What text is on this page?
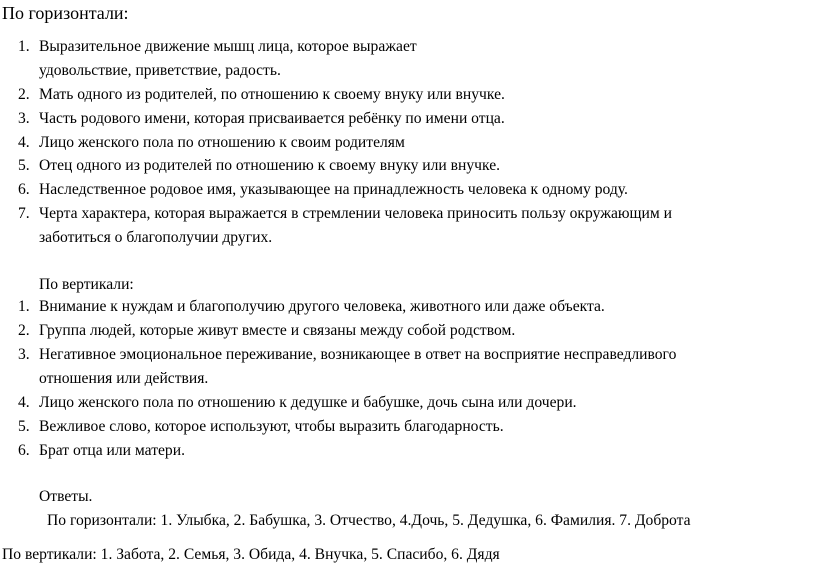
По горизонтали:
1. Выразительное движение мышц лица, которое выражает
удовольствие, приветствие, радость.
2. Мать одного из родителей, по отношению к своему внуку или внучке.
3. Часть родового имени, которая присваивается ребёнку по имени отца.
4. Лицо женского пола по отношению к своим родителям
5. Отец одного из родителей по отношению к своему внуку или внучке.
6. Наследственное родовое имя, указывающее на принадлежность человека к одному роду.
7. Черта характера, которая выражается в стремлении человека приносить пользу окружающим и
заботиться о благополучии других.
По вертикали:
1. Внимание к нуждам и благополучию другого человека, животного или даже объекта.
2. Группа людей, которые живут вместе и связаны между собой родством.
3. Негативное эмоциональное переживание, возникающее в ответ на восприятие несправедливого
отношения или действия.
4. Лицо женского пола по отношению к дедушке и бабушке, дочь сына или дочери.
5. Вежливое слово, которое используют, чтобы выразить благодарность.
6. Брат отца или матери.
Ответы.
По горизонтали: 1. Улыбка, 2. Бабушка, 3. Отчество, 4.Дочь, 5. Дедушка, 6. Фамилия. 7. Доброта
По вертикали: 1. Забота, 2. Семья, 3. Обида, 4. Внучка, 5. Спасибо, 6. Дядя
